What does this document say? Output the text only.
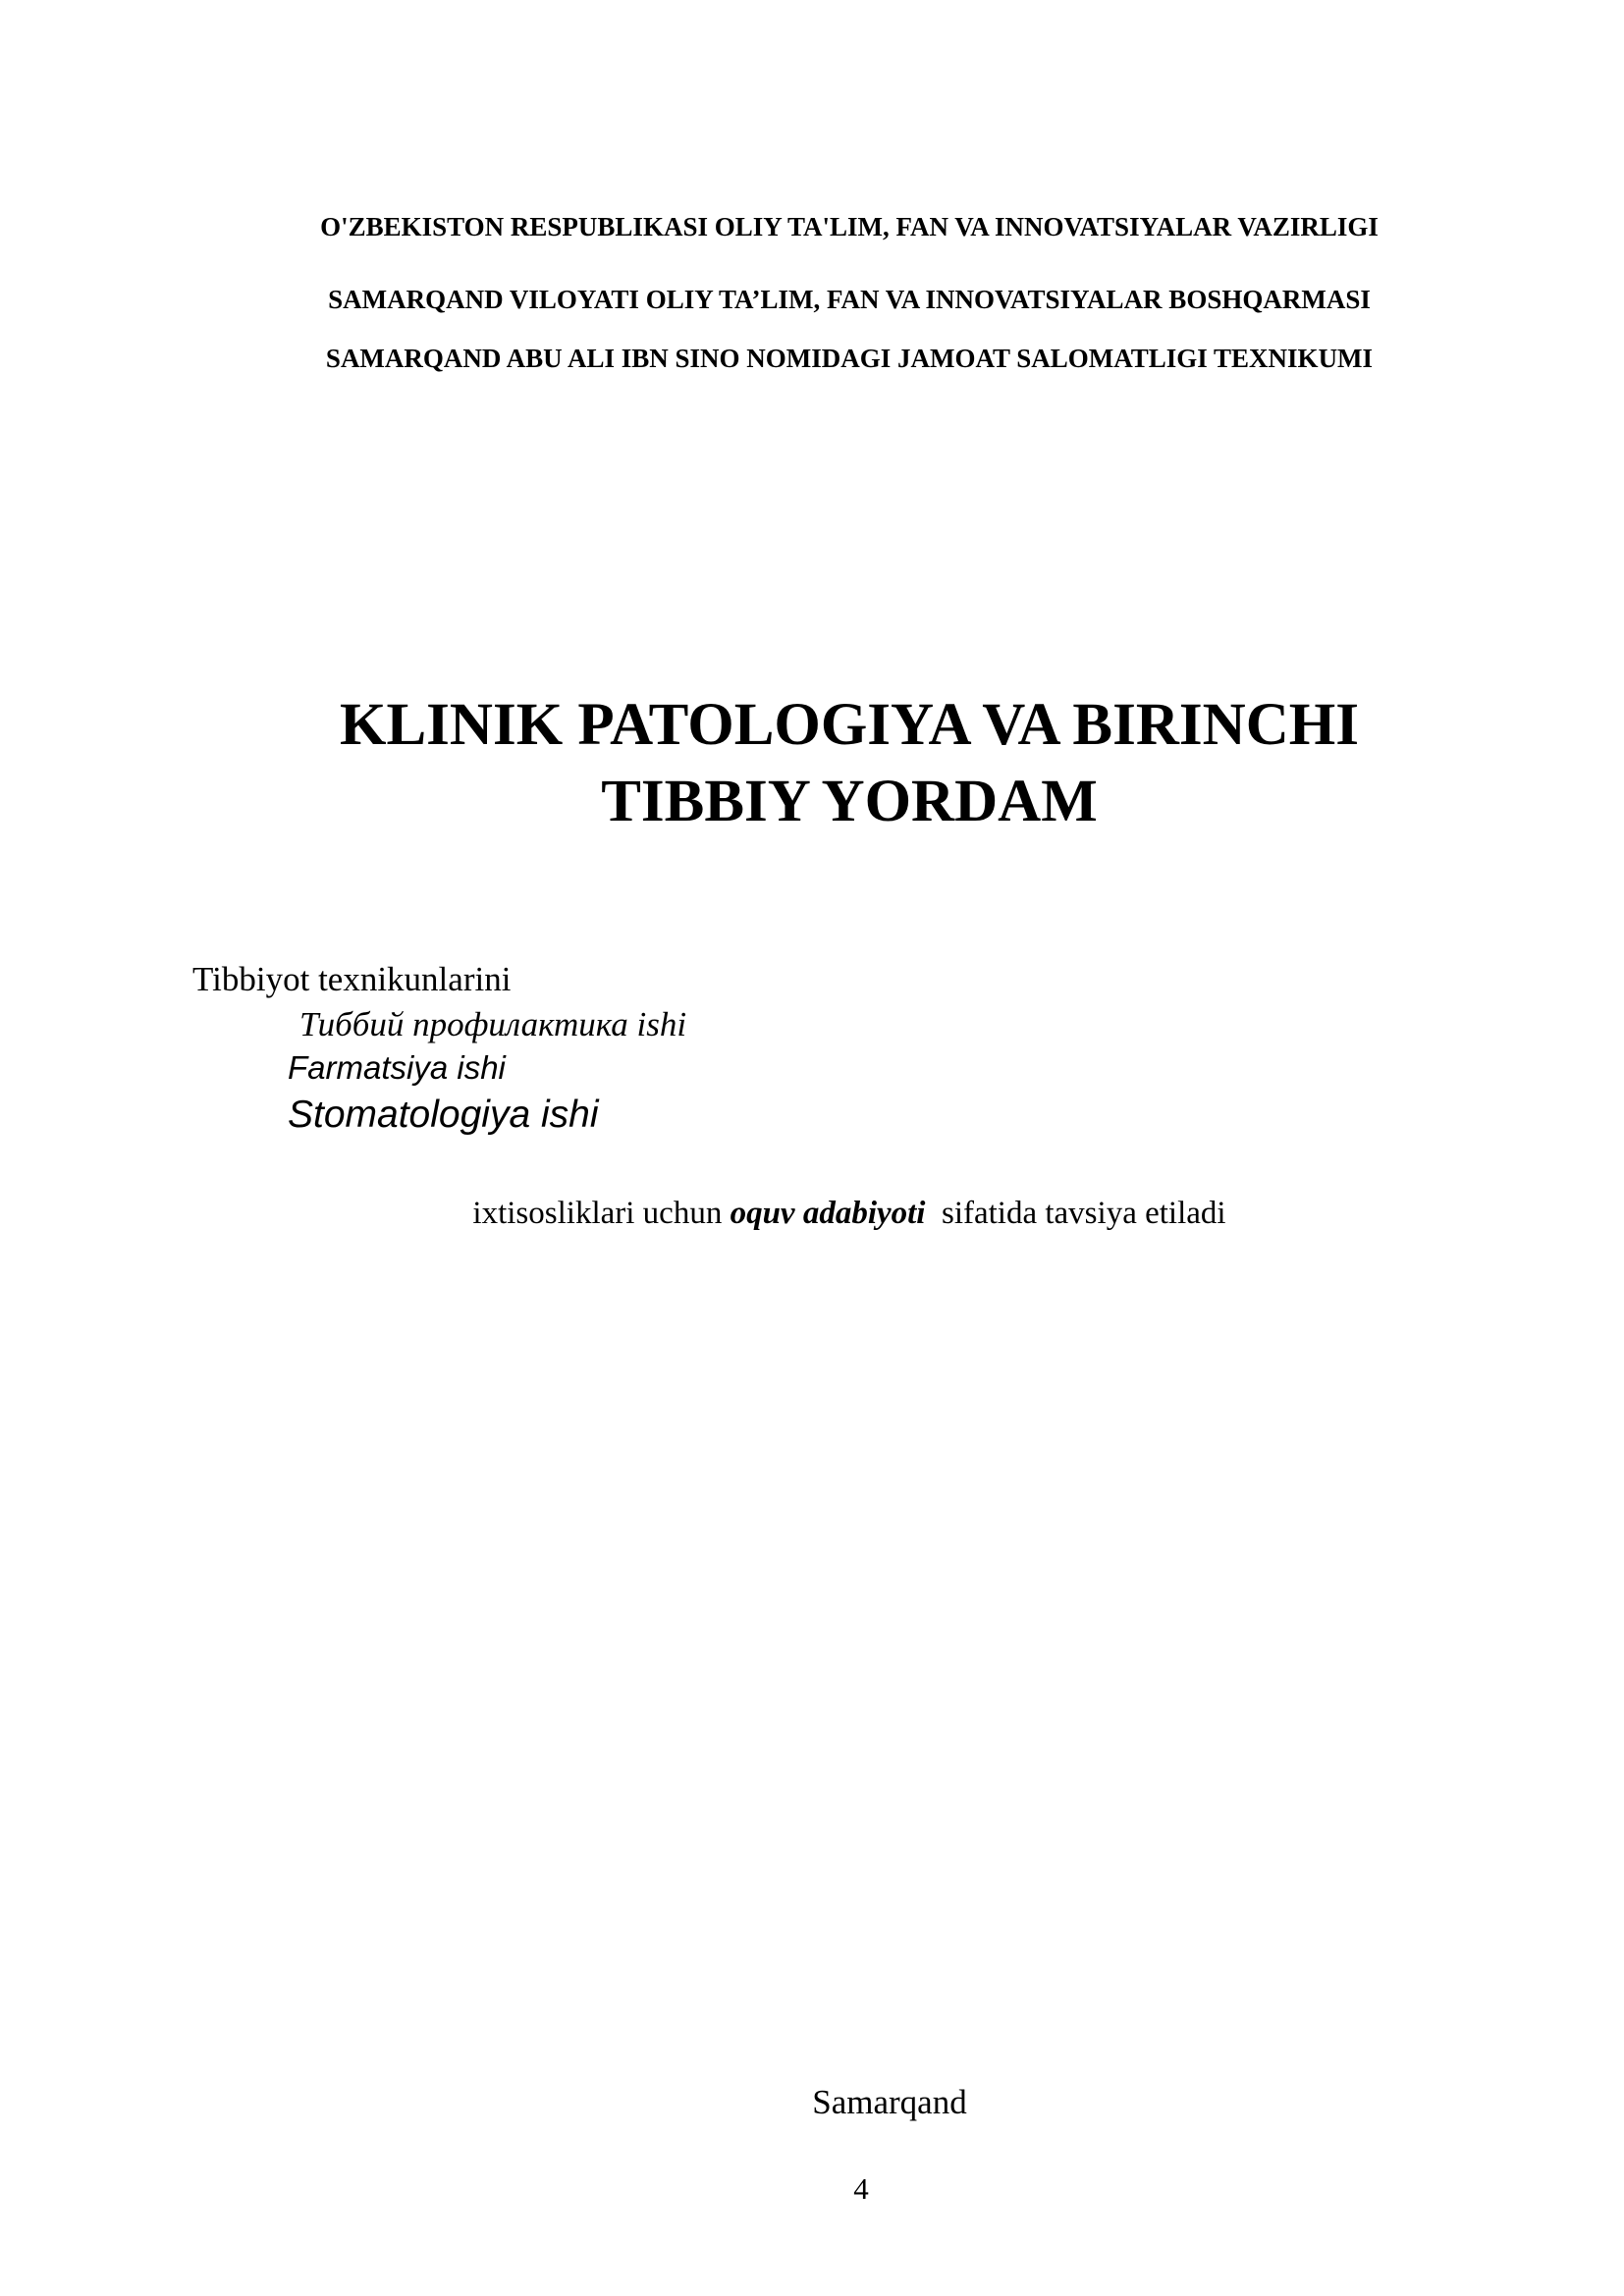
O'ZBEKISTON RESPUBLIKASI OLIY TA'LIM, FAN VA INNOVATSIYALAR VAZIRLIGI
SAMARQAND VILOYATI OLIY TA’LIM, FAN VA INNOVATSIYALAR BOSHQARMASI
SAMARQAND ABU ALI IBN SINO NOMIDAGI JAMOAT SALOMATLIGI TEXNIKUMI
KLINIK PATOLOGIYA VA BIRINCHI
TIBBIY YORDAM
Tibbiyot texnikunlarini
Тиббий профилактика ishi
Farmatsiya ishi
Stomatologiya ishi
ixtisosliklari uchun oquv adabiyoti  sifatida tavsiya etiladi
Samarqand
4
